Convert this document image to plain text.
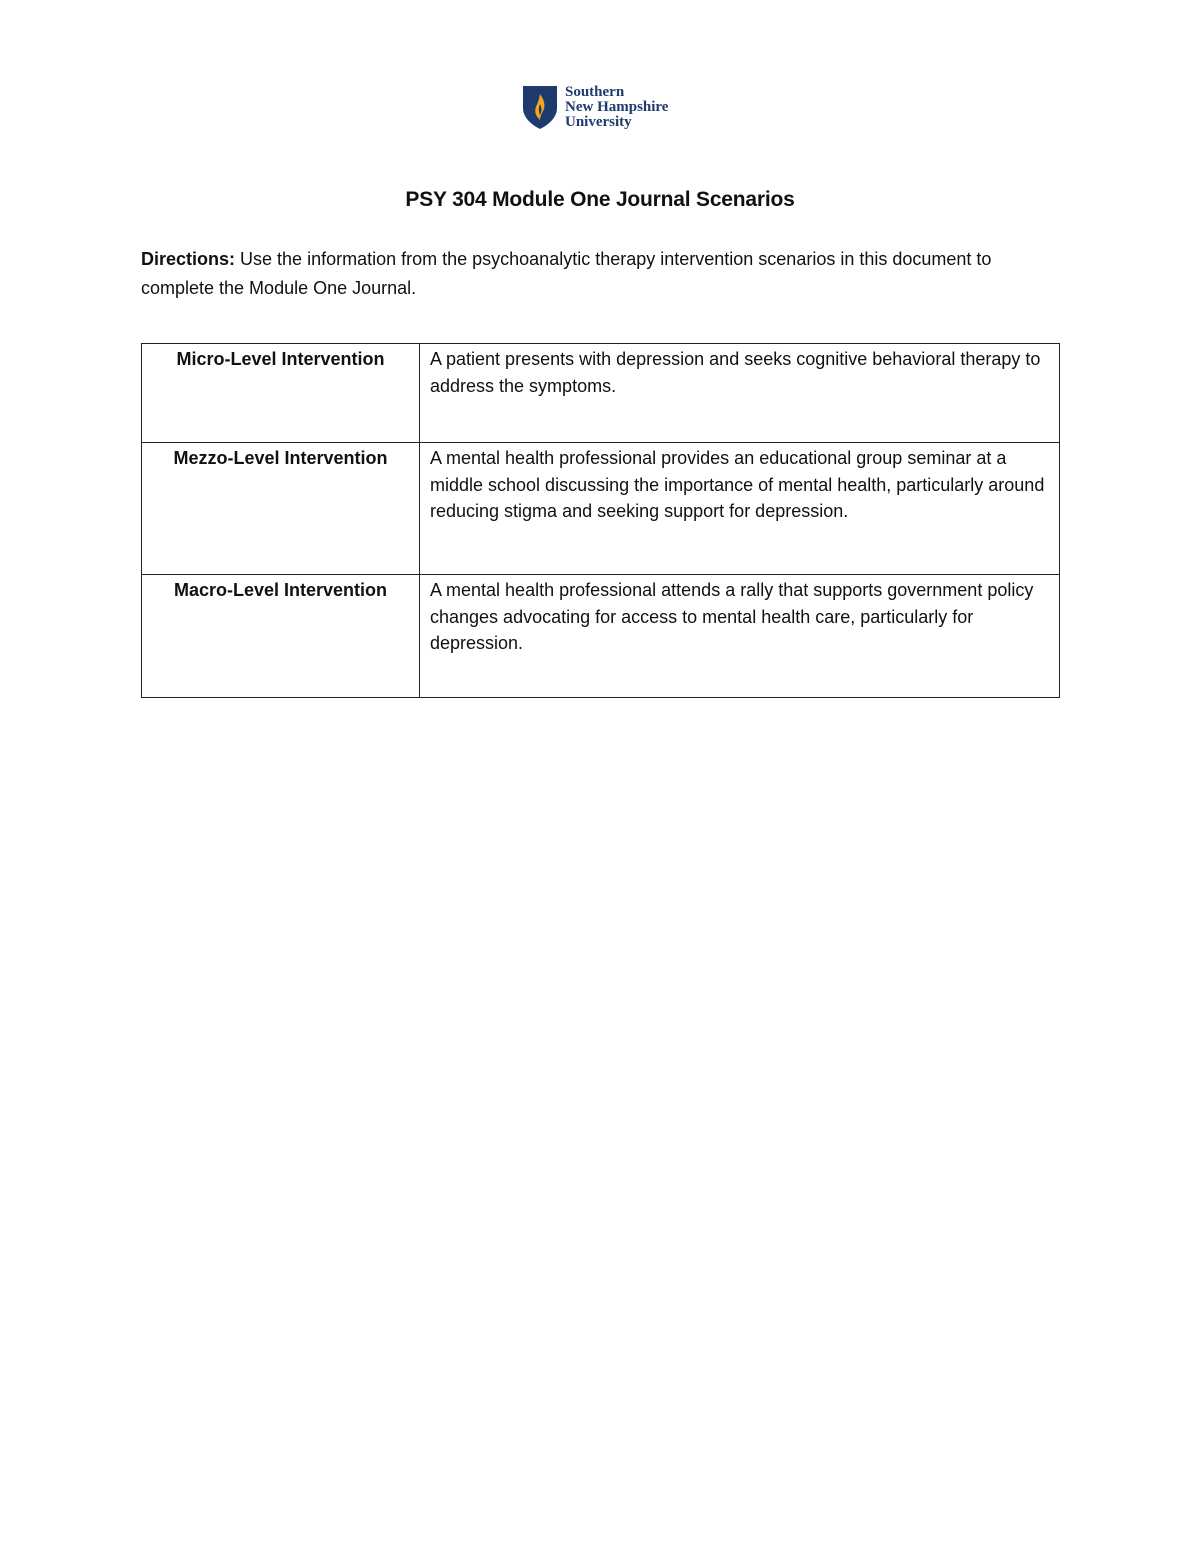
Southern
New Hampshire
University
PSY 304 Module One Journal Scenarios
Directions: Use the information from the psychoanalytic therapy intervention scenarios in this document to complete the Module One Journal.
Micro-Level Intervention	A patient presents with depression and seeks cognitive behavioral therapy to address the symptoms.
Mezzo-Level Intervention	A mental health professional provides an educational group seminar at a middle school discussing the importance of mental health, particularly around reducing stigma and seeking support for depression.
Macro-Level Intervention	A mental health professional attends a rally that supports government policy changes advocating for access to mental health care, particularly for depression.
